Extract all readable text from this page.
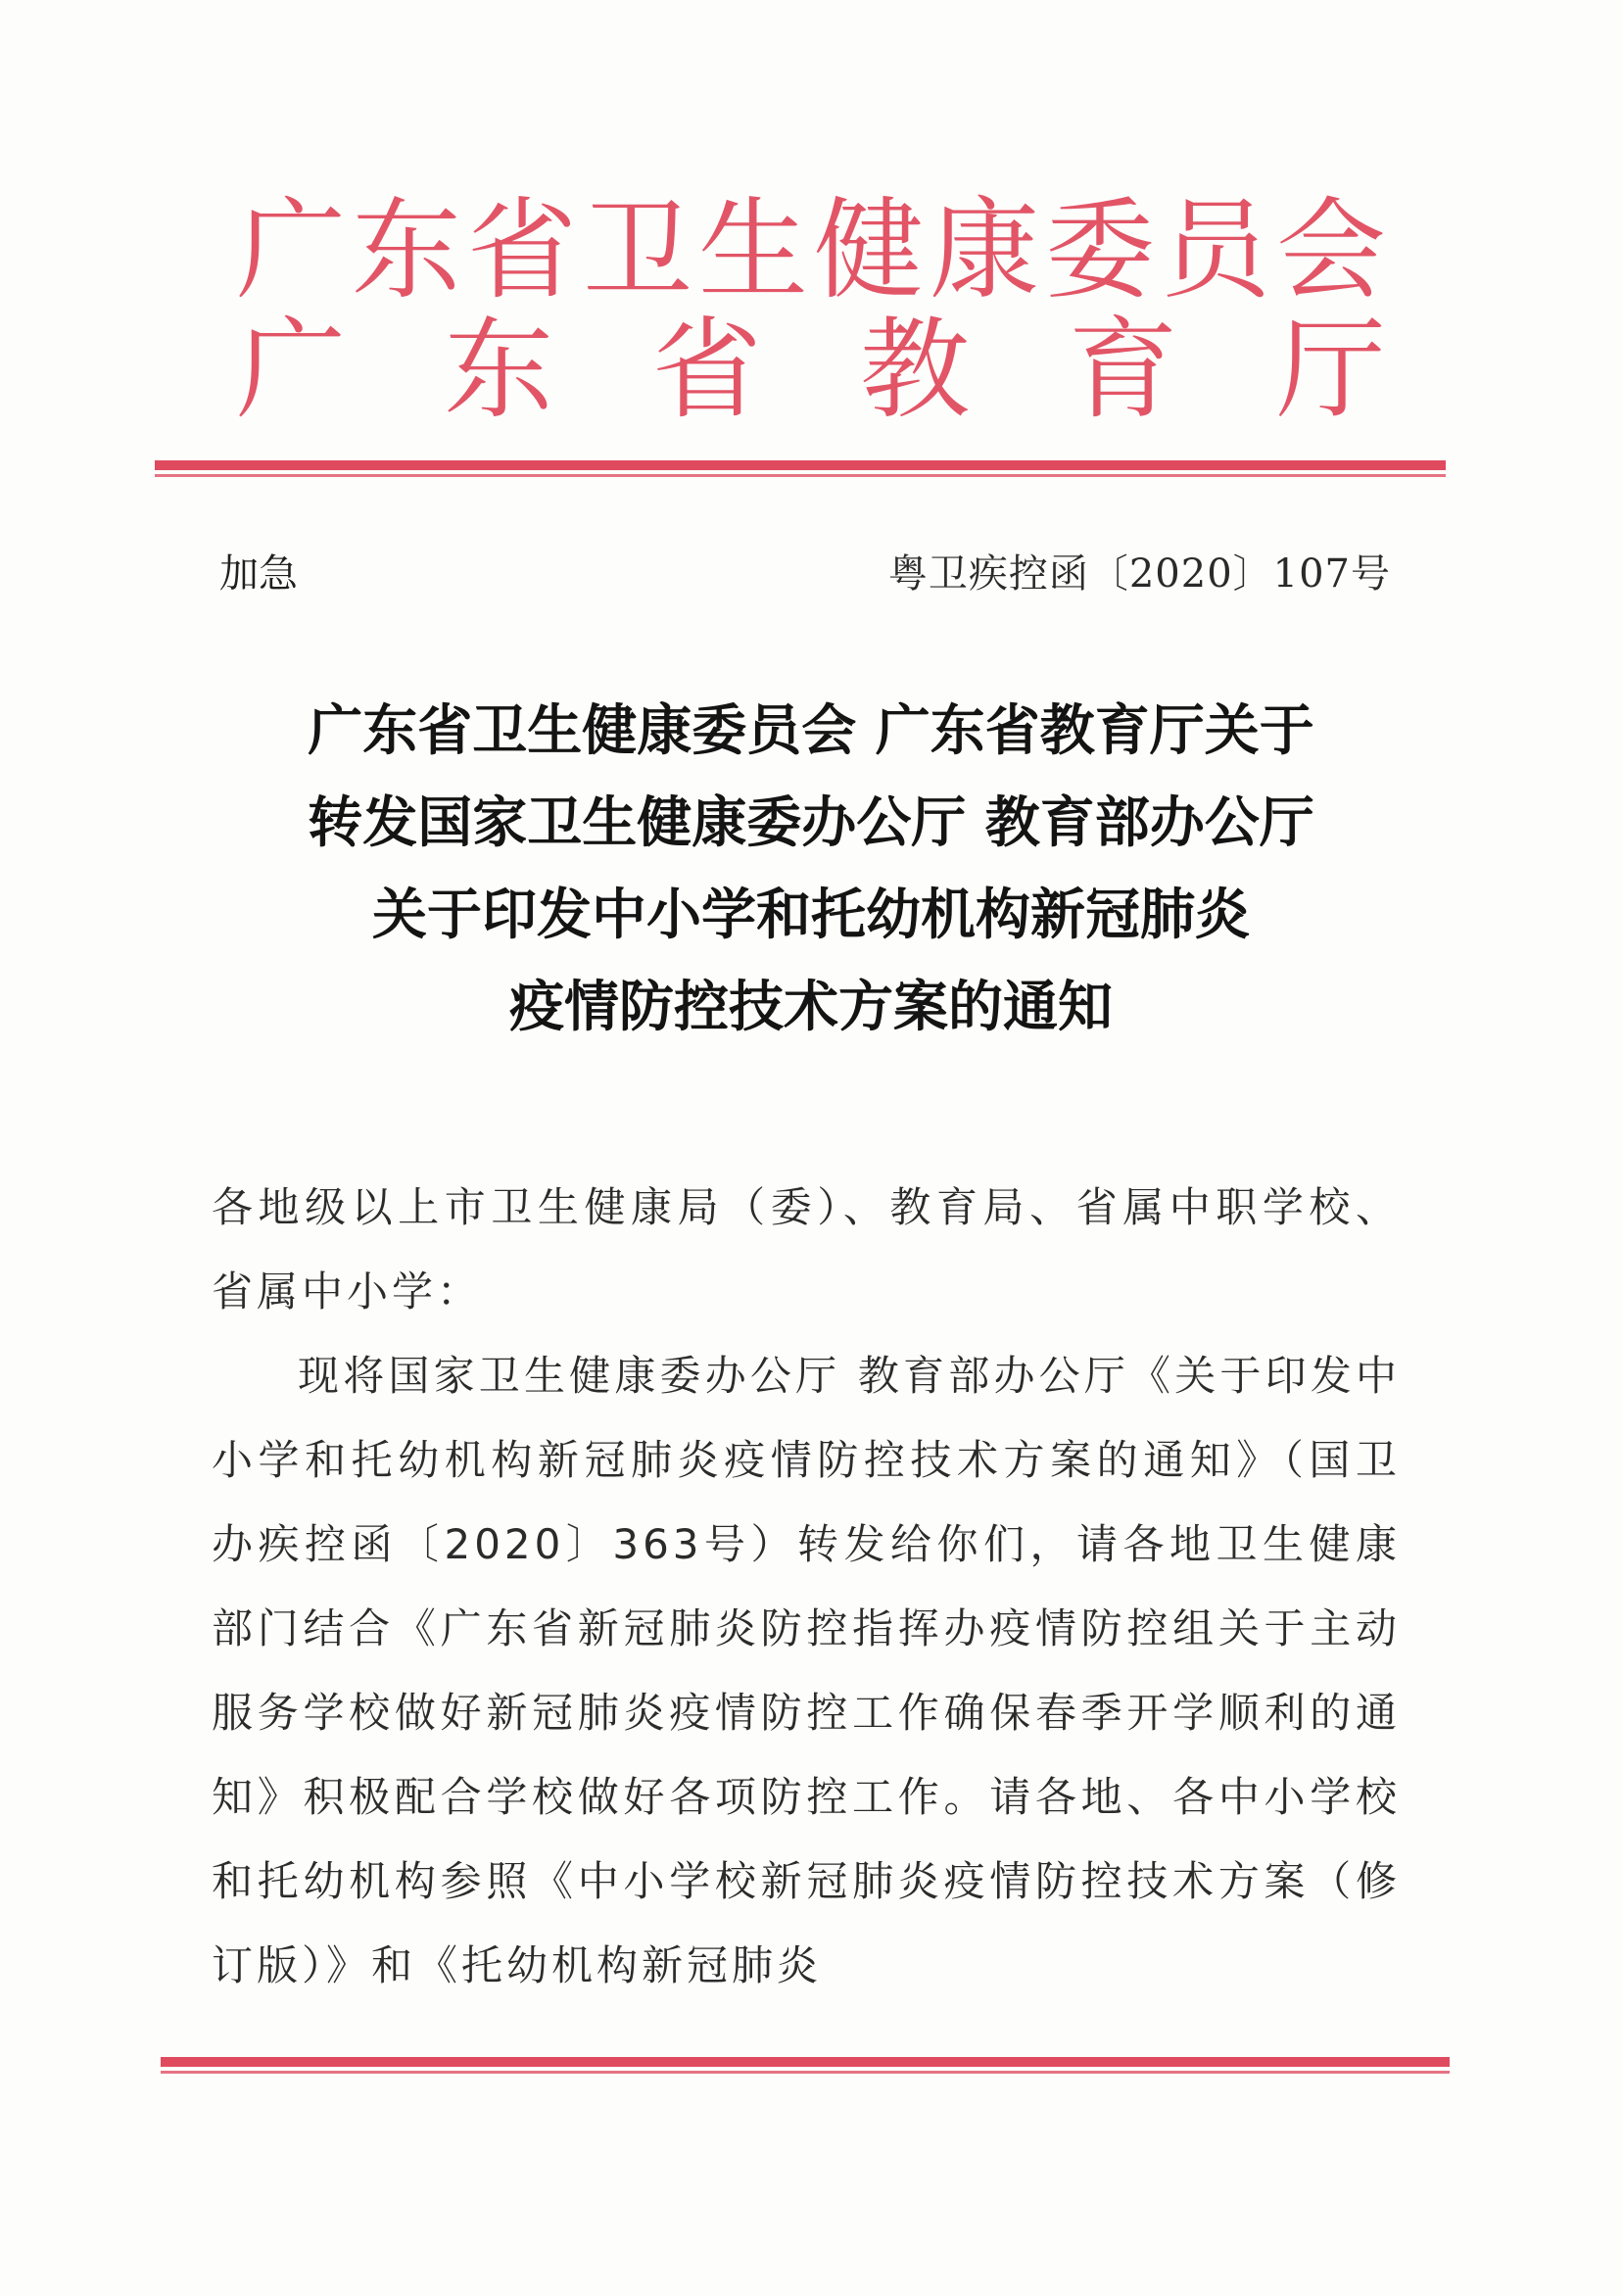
广 东 省 卫 生 健 康 委 员 会
广 东 省 教 育 厅
加急	粤卫疾控函〔2020〕107号
广东省卫生健康委员会 广东省教育厅关于
转发国家卫生健康委办公厅 教育部办公厅
关于印发中小学和托幼机构新冠肺炎
疫情防控技术方案的通知

各地级以上市卫生健康局（委）、教育局、省属中职学校、省属中小学：

现将国家卫生健康委办公厅 教育部办公厅《关于印发中小学和托幼机构新冠肺炎疫情防控技术方案的通知》（国卫办疾控函〔2020〕363号）转发给你们，请各地卫生健康部门结合《广东省新冠肺炎防控指挥办疫情防控组关于主动服务学校做好新冠肺炎疫情防控工作确保春季开学顺利的通知》积极配合学校做好各项防控工作。请各地、各中小学校和托幼机构参照《中小学校新冠肺炎疫情防控技术方案（修订版）》和《托幼机构新冠肺炎
